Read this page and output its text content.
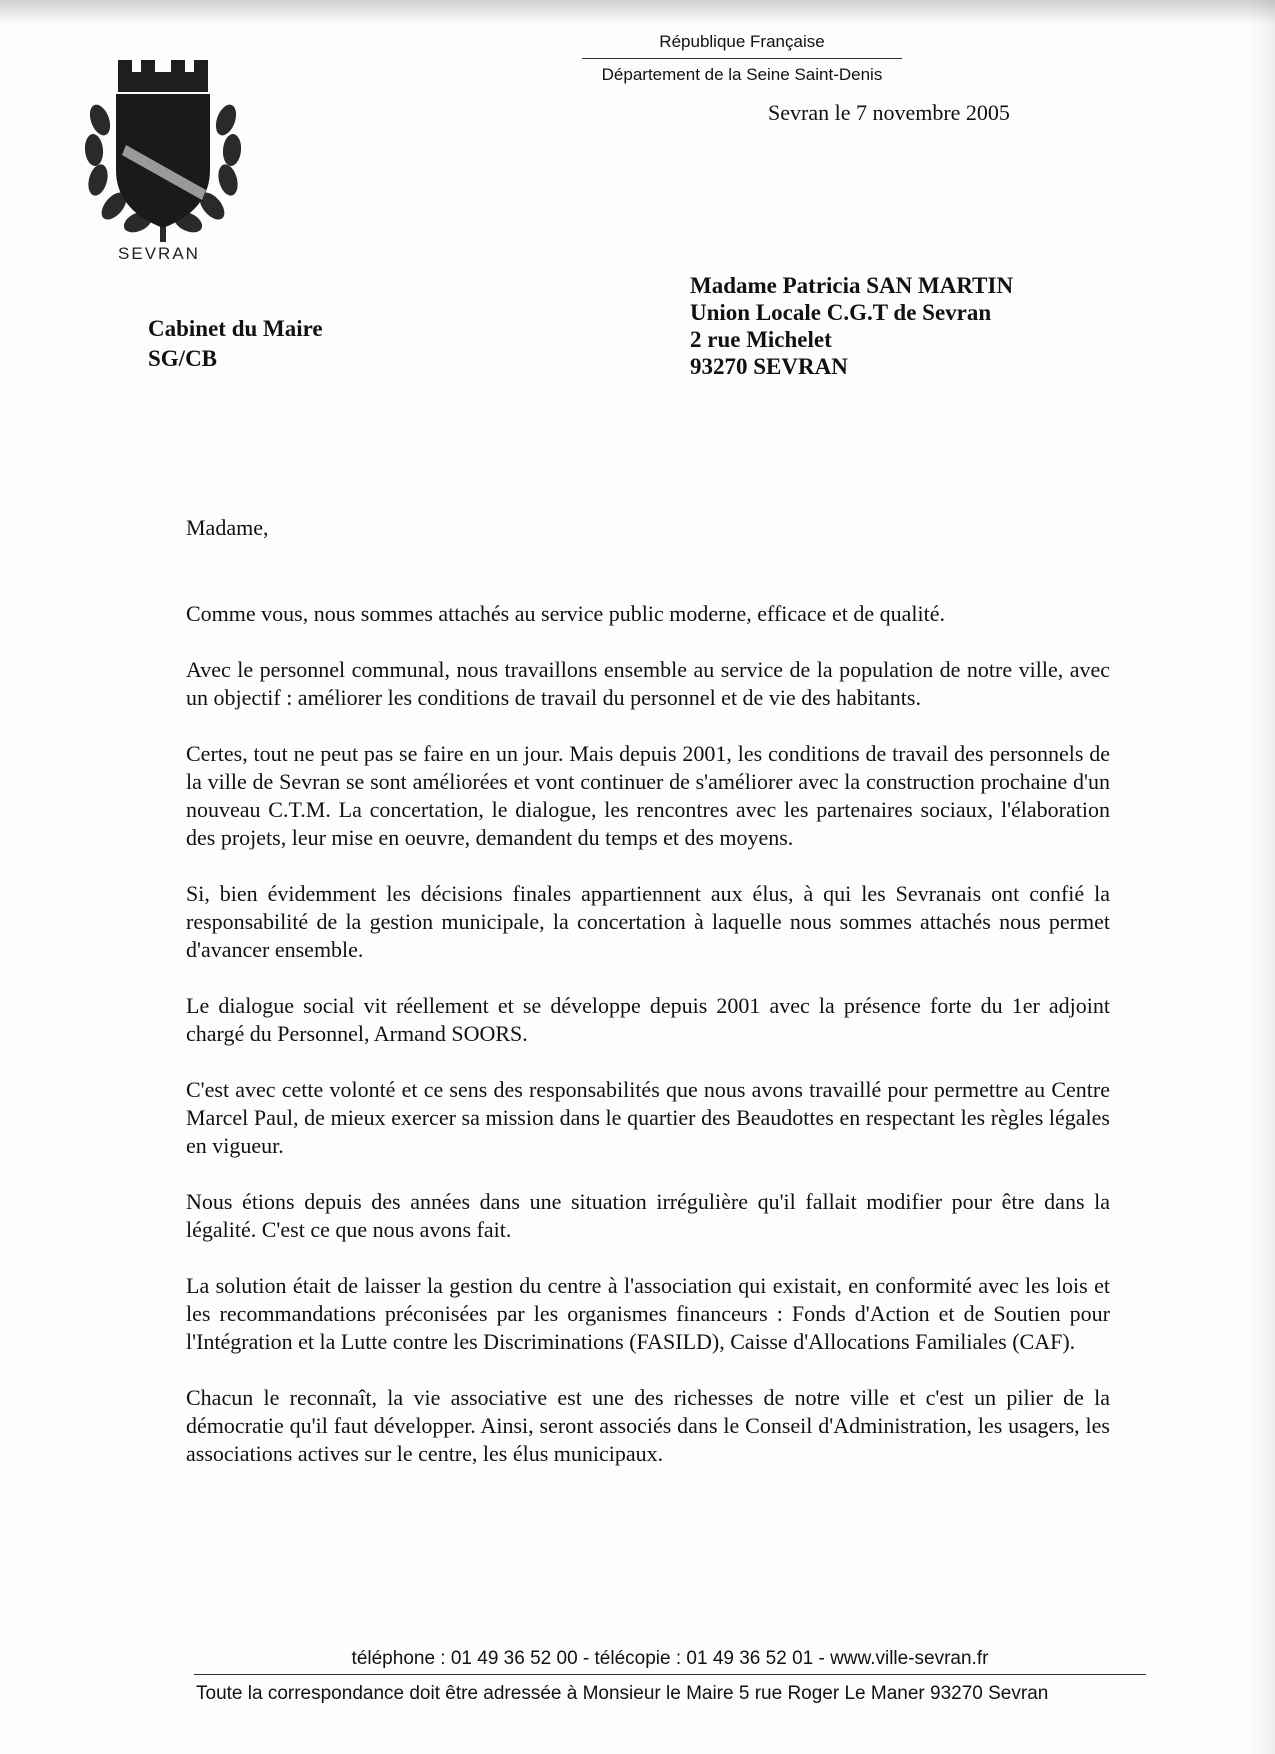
SEVRAN
République Française
Département de la Seine Saint-Denis
Sevran le 7 novembre 2005
Cabinet du Maire
SG/CB
Madame Patricia SAN MARTIN
Union Locale C.G.T de Sevran
2 rue Michelet
93270 SEVRAN

Madame,

Comme vous, nous sommes attachés au service public moderne, efficace et de qualité.

Avec le personnel communal, nous travaillons ensemble au service de la population de notre ville, avec un objectif : améliorer les conditions de travail du personnel et de vie des habitants.

Certes, tout ne peut pas se faire en un jour. Mais depuis 2001, les conditions de travail des personnels de la ville de Sevran se sont améliorées et vont continuer de s'améliorer avec la construction prochaine d'un nouveau C.T.M. La concertation, le dialogue, les rencontres avec les partenaires sociaux, l'élaboration des projets, leur mise en oeuvre, demandent du temps et des moyens.

Si, bien évidemment les décisions finales appartiennent aux élus, à qui les Sevranais ont confié la responsabilité de la gestion municipale, la concertation à laquelle nous sommes attachés nous permet d'avancer ensemble.

Le dialogue social vit réellement et se développe depuis 2001 avec la présence forte du 1er adjoint chargé du Personnel, Armand SOORS.

C'est avec cette volonté et ce sens des responsabilités que nous avons travaillé pour permettre au Centre Marcel Paul, de mieux exercer sa mission dans le quartier des Beaudottes en respectant les règles légales en vigueur.

Nous étions depuis des années dans une situation irrégulière qu'il fallait modifier pour être dans la légalité. C'est ce que nous avons fait.

La solution était de laisser la gestion du centre à l'association qui existait, en conformité avec les lois et les recommandations préconisées par les organismes financeurs : Fonds d'Action et de Soutien pour l'Intégration et la Lutte contre les Discriminations (FASILD), Caisse d'Allocations Familiales (CAF).

Chacun le reconnaît, la vie associative est une des richesses de notre ville et c'est un pilier de la démocratie qu'il faut développer. Ainsi, seront associés dans le Conseil d'Administration, les usagers, les associations actives sur le centre, les élus municipaux.

téléphone : 01 49 36 52 00 - télécopie : 01 49 36 52 01 - www.ville-sevran.fr
Toute la correspondance doit être adressée à Monsieur le Maire 5 rue Roger Le Maner 93270 Sevran
